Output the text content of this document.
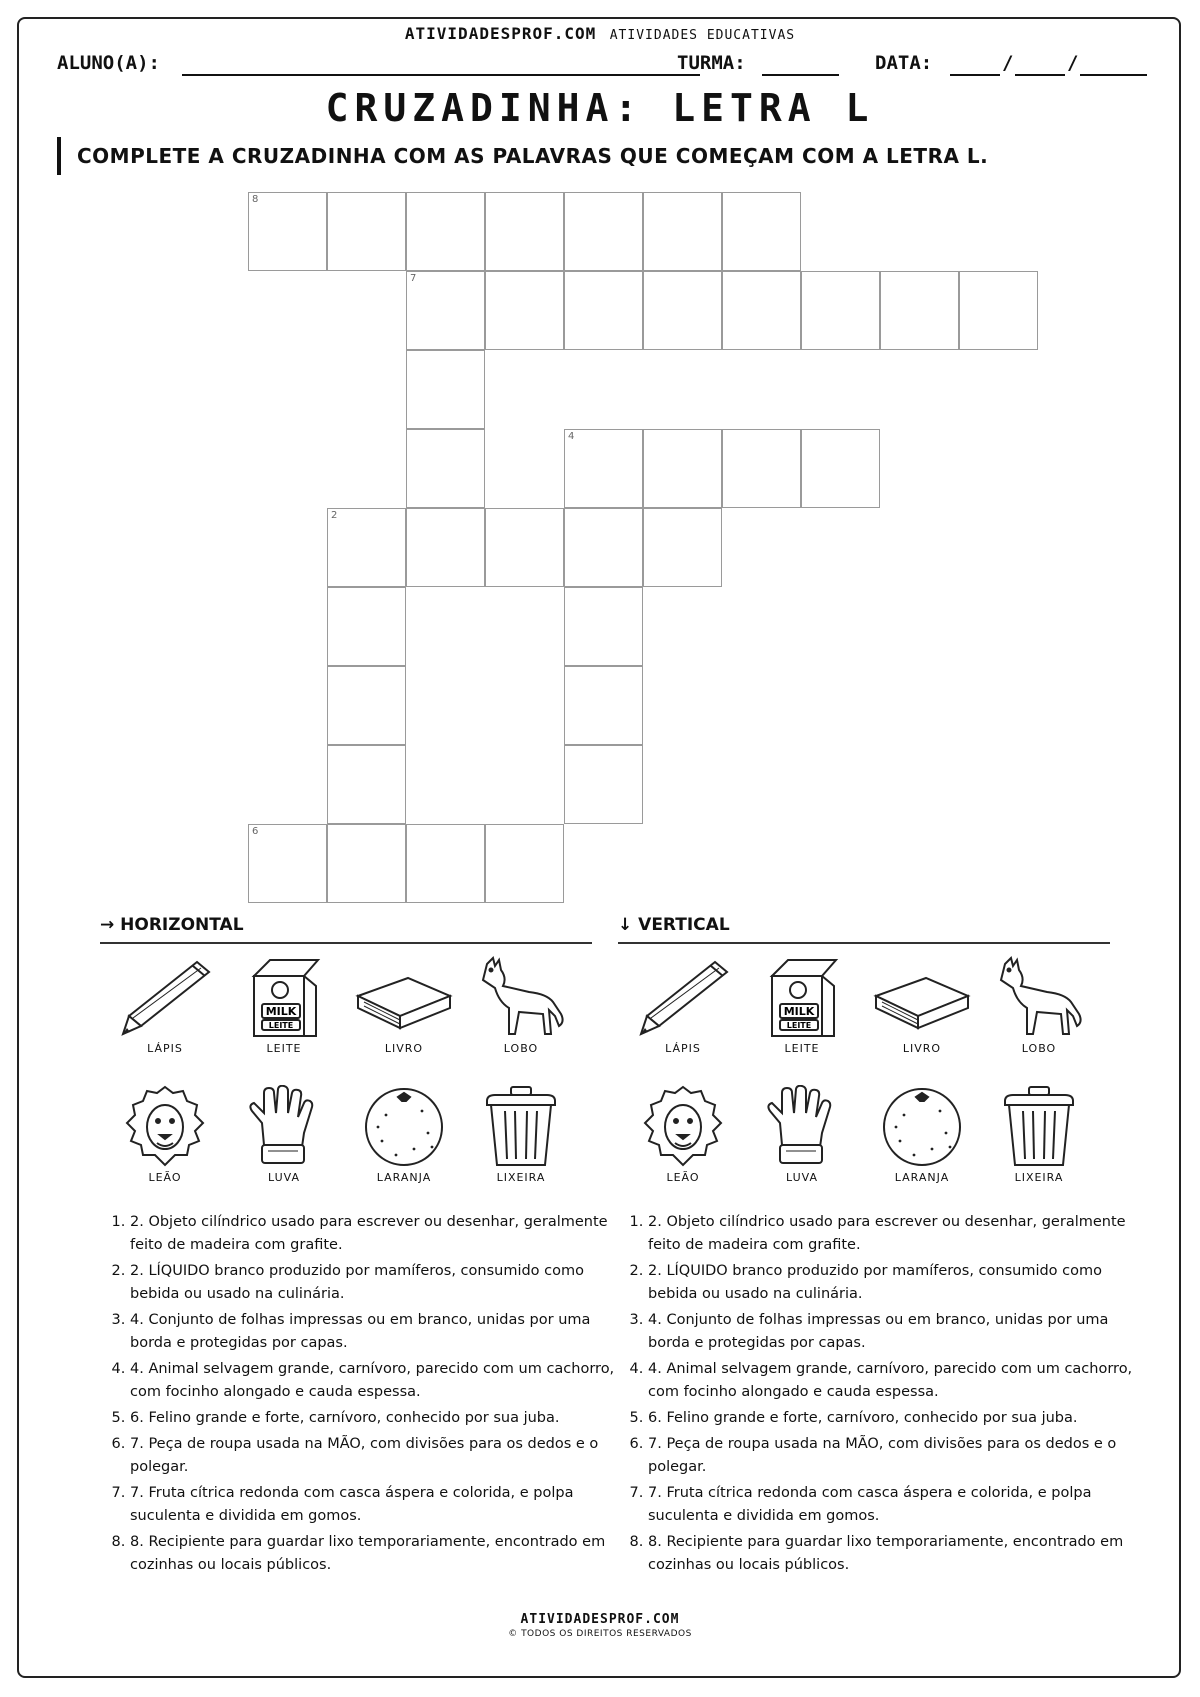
ATIVIDADESPROF.COM ATIVIDADES EDUCATIVAS
ALUNO(A):	TURMA:	DATA:	/	/
CRUZADINHA: LETRA L
COMPLETE A CRUZADINHA COM AS PALAVRAS QUE COMEÇAM COM A LETRA L.
8
7
4
2
6
→ HORIZONTAL
LÁPIS
MILK
LEITE
LEITE	LIVRO	LOBO
LEÃO	LUVA	LARANJA	LIXEIRA
1. 2. Objeto cilíndrico usado para escrever ou desenhar, geralmente feito de madeira com grafite.
2. 2. LÍQUIDO branco produzido por mamíferos, consumido como bebida ou usado na culinária.
3. 4. Conjunto de folhas impressas ou em branco, unidas por uma borda e protegidas por capas.
4. 4. Animal selvagem grande, carnívoro, parecido com um cachorro, com focinho alongado e cauda espessa.
5. 6. Felino grande e forte, carnívoro, conhecido por sua juba.
6. 7. Peça de roupa usada na MÃO, com divisões para os dedos e o polegar.
7. 7. Fruta cítrica redonda com casca áspera e colorida, e polpa suculenta e dividida em gomos.
8. 8. Recipiente para guardar lixo temporariamente, encontrado em cozinhas ou locais públicos.
↓ VERTICAL
LÁPIS
MILK
LEITE
LEITE	LIVRO	LOBO
LEÃO	LUVA	LARANJA	LIXEIRA
1. 2. Objeto cilíndrico usado para escrever ou desenhar, geralmente feito de madeira com grafite.
2. 2. LÍQUIDO branco produzido por mamíferos, consumido como bebida ou usado na culinária.
3. 4. Conjunto de folhas impressas ou em branco, unidas por uma borda e protegidas por capas.
4. 4. Animal selvagem grande, carnívoro, parecido com um cachorro, com focinho alongado e cauda espessa.
5. 6. Felino grande e forte, carnívoro, conhecido por sua juba.
6. 7. Peça de roupa usada na MÃO, com divisões para os dedos e o polegar.
7. 7. Fruta cítrica redonda com casca áspera e colorida, e polpa suculenta e dividida em gomos.
8. 8. Recipiente para guardar lixo temporariamente, encontrado em cozinhas ou locais públicos.
ATIVIDADESPROF.COM
© TODOS OS DIREITOS RESERVADOS
